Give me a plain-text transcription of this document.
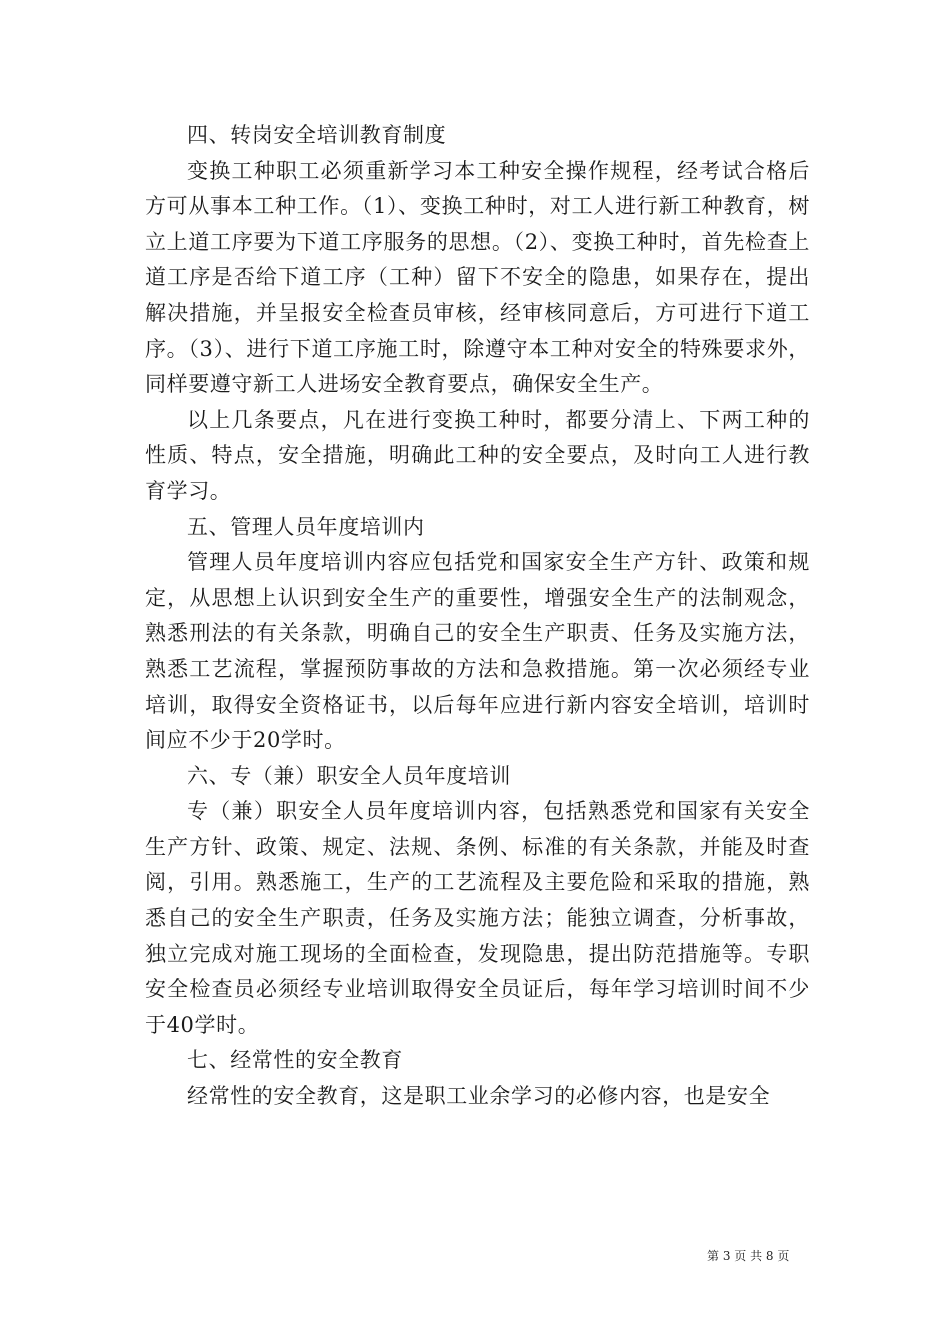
四、转岗安全培训教育制度

变换工种职工必须重新学习本工种安全操作规程，经考试合格后方可从事本工种工作。（1）、变换工种时，对工人进行新工种教育，树立上道工序要为下道工序服务的思想。（2）、变换工种时，首先检查上道工序是否给下道工序（工种）留下不安全的隐患，如果存在，提出解决措施，并呈报安全检查员审核，经审核同意后，方可进行下道工序。（3）、进行下道工序施工时，除遵守本工种对安全的特殊要求外，同样要遵守新工人进场安全教育要点，确保安全生产。

以上几条要点，凡在进行变换工种时，都要分清上、下两工种的性质、特点，安全措施，明确此工种的安全要点，及时向工人进行教育学习。

五、管理人员年度培训内

管理人员年度培训内容应包括党和国家安全生产方针、政策和规定，从思想上认识到安全生产的重要性，增强安全生产的法制观念，熟悉刑法的有关条款，明确自己的安全生产职责、任务及实施方法，熟悉工艺流程，掌握预防事故的方法和急救措施。第一次必须经专业培训，取得安全资格证书，以后每年应进行新内容安全培训，培训时间应不少于20学时。

六、专（兼）职安全人员年度培训

专（兼）职安全人员年度培训内容，包括熟悉党和国家有关安全生产方针、政策、规定、法规、条例、标准的有关条款，并能及时查阅，引用。熟悉施工，生产的工艺流程及主要危险和采取的措施，熟悉自己的安全生产职责，任务及实施方法；能独立调查，分析事故，独立完成对施工现场的全面检查，发现隐患，提出防范措施等。专职安全检查员必须经专业培训取得安全员证后，每年学习培训时间不少于40学时。

七、经常性的安全教育

经常性的安全教育，这是职工业余学习的必修内容，也是安全

第 3 页 共 8 页
